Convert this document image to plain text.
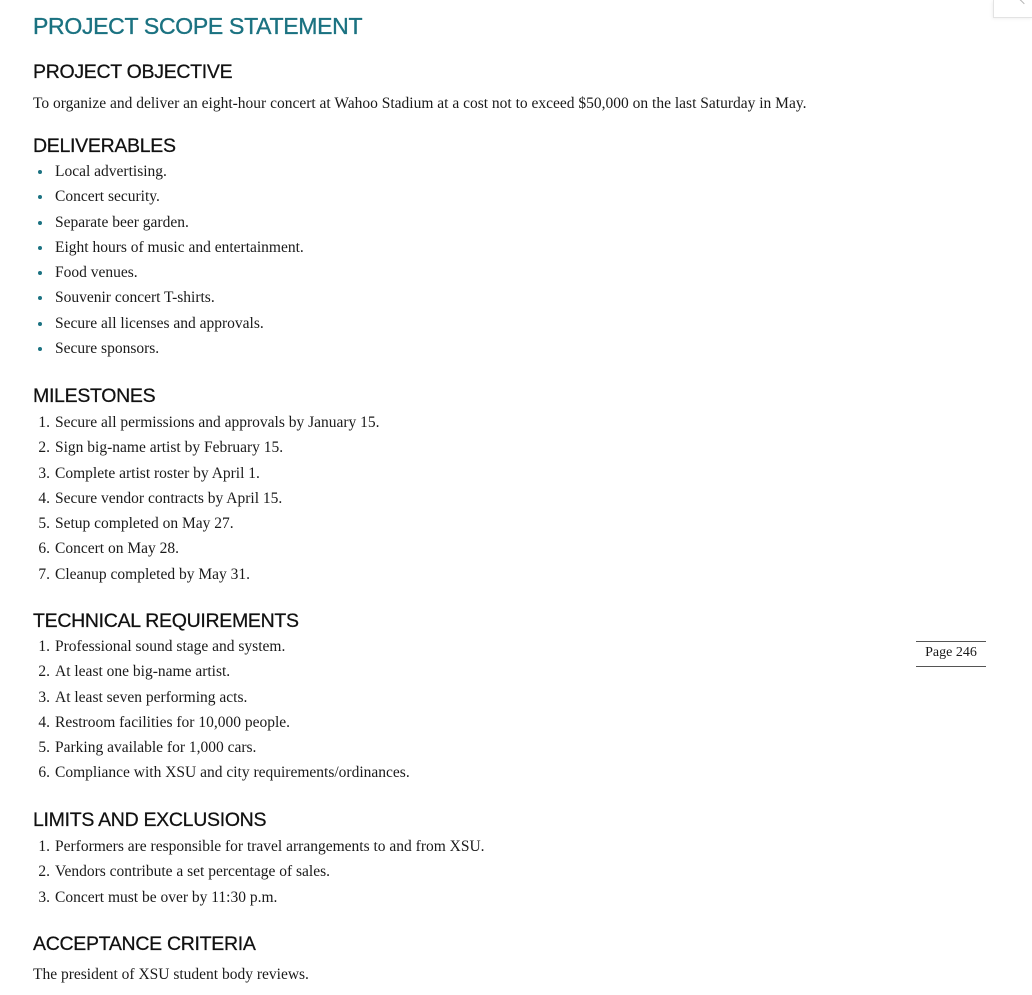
PROJECT SCOPE STATEMENT
PROJECT OBJECTIVE

To organize and deliver an eight-hour concert at Wahoo Stadium at a cost not to exceed $50,000 on the last Saturday in May.

DELIVERABLES
Local advertising.
Concert security.
Separate beer garden.
Eight hours of music and entertainment.
Food venues.
Souvenir concert T-shirts.
Secure all licenses and approvals.
Secure sponsors.
MILESTONES
1. Secure all permissions and approvals by January 15.
2. Sign big-name artist by February 15.
3. Complete artist roster by April 1.
4. Secure vendor contracts by April 15.
5. Setup completed on May 27.
6. Concert on May 28.
7. Cleanup completed by May 31.
TECHNICAL REQUIREMENTS
1. Professional sound stage and system.
2. At least one big-name artist.
3. At least seven performing acts.
4. Restroom facilities for 10,000 people.
5. Parking available for 1,000 cars.
6. Compliance with XSU and city requirements/ordinances.
LIMITS AND EXCLUSIONS
1. Performers are responsible for travel arrangements to and from XSU.
2. Vendors contribute a set percentage of sales.
3. Concert must be over by 11:30 p.m.
ACCEPTANCE CRITERIA

The president of XSU student body reviews.

Page 246
